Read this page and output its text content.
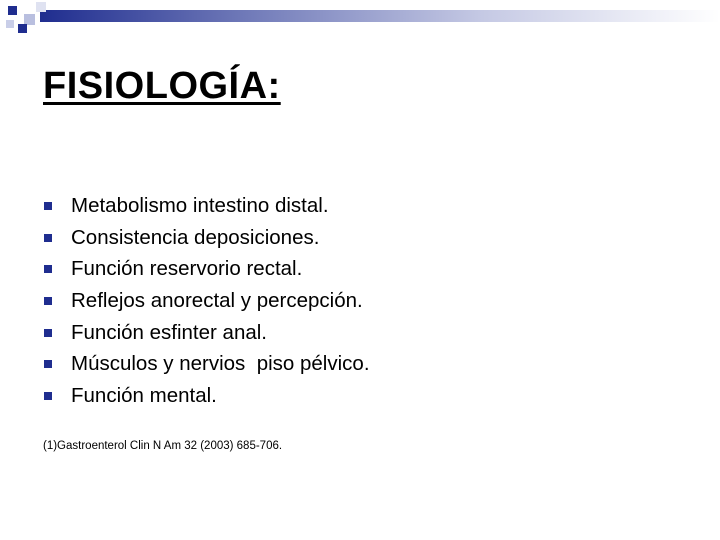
FISIOLOGÍA:
Metabolismo intestino distal.
Consistencia deposiciones.
Función reservorio rectal.
Reflejos anorectal y percepción.
Función esfinter anal.
Músculos y nervios  piso pélvico.
Función mental.
(1)Gastroenterol Clin N Am 32 (2003) 685-706.
